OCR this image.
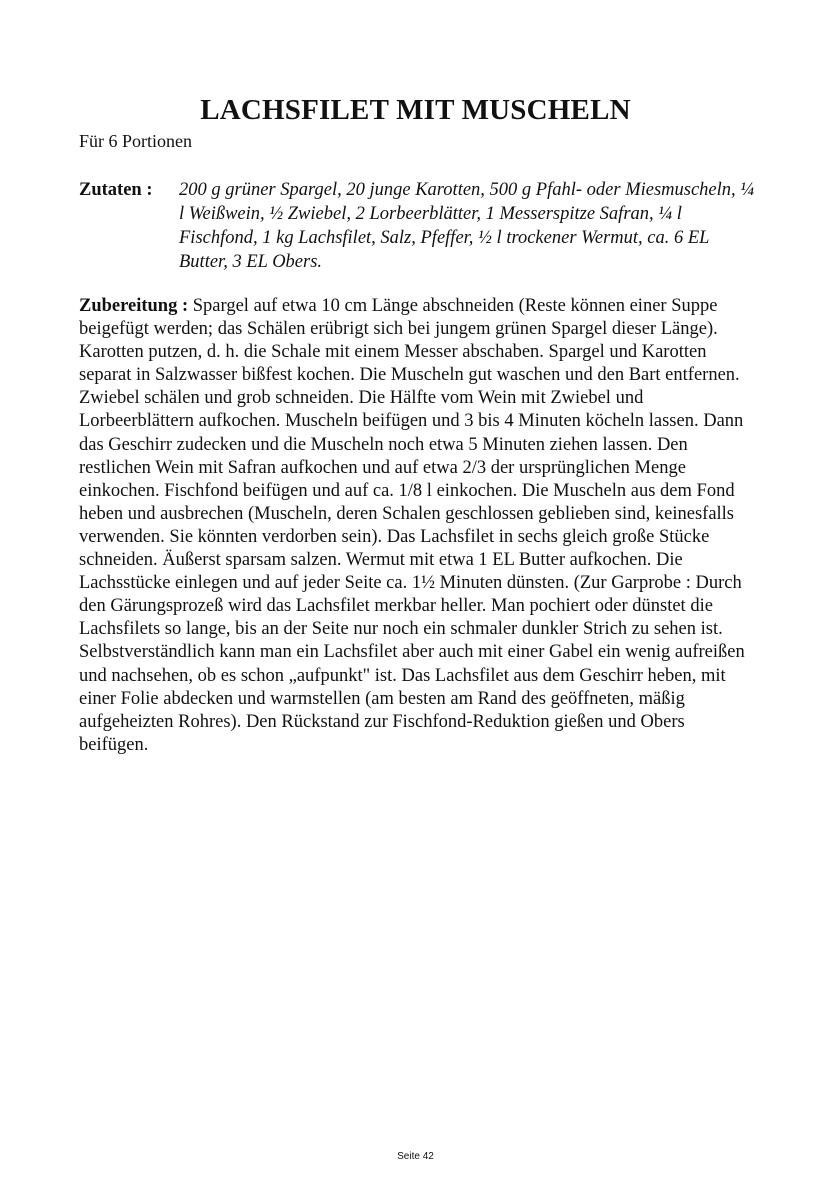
LACHSFILET MIT MUSCHELN

Für 6 Portionen

Zutaten : 200 g grüner Spargel, 20 junge Karotten, 500 g Pfahl- oder Miesmuscheln, ¼ l Weißwein, ½ Zwiebel, 2 Lorbeerblätter, 1 Messerspitze Safran, ¼ l Fischfond, 1 kg Lachsfilet, Salz, Pfeffer, ½ l trockener Wermut, ca. 6 EL Butter, 3 EL Obers.

Zubereitung : Spargel auf etwa 10 cm Länge abschneiden (Reste können einer Suppe beigefügt werden; das Schälen erübrigt sich bei jungem grünen Spargel dieser Länge). Karotten putzen, d. h. die Schale mit einem Messer abschaben. Spargel und Karotten separat in Salzwasser bißfest kochen. Die Muscheln gut waschen und den Bart entfernen. Zwiebel schälen und grob schneiden. Die Hälfte vom Wein mit Zwiebel und Lorbeerblättern aufkochen. Muscheln beifügen und 3 bis 4 Minuten köcheln lassen. Dann das Geschirr zudecken und die Muscheln noch etwa 5 Minuten ziehen lassen. Den restlichen Wein mit Safran aufkochen und auf etwa 2/3 der ursprünglichen Menge einkochen. Fischfond beifügen und auf ca. 1/8 l einkochen. Die Muscheln aus dem Fond heben und ausbrechen (Muscheln, deren Schalen geschlossen geblieben sind, keinesfalls verwenden. Sie könnten verdorben sein). Das Lachsfilet in sechs gleich große Stücke schneiden. Äußerst sparsam salzen. Wermut mit etwa 1 EL Butter aufkochen. Die Lachsstücke einlegen und auf jeder Seite ca. 1½ Minuten dünsten. (Zur Garprobe : Durch den Gärungsprozeß wird das Lachsfilet merkbar heller. Man pochiert oder dünstet die Lachsfilets so lange, bis an der Seite nur noch ein schmaler dunkler Strich zu sehen ist. Selbstverständlich kann man ein Lachsfilet aber auch mit einer Gabel ein wenig aufreißen und nachsehen, ob es schon „aufpunkt" ist. Das Lachsfilet aus dem Geschirr heben, mit einer Folie abdecken und warmstellen (am besten am Rand des geöffneten, mäßig aufgeheizten Rohres). Den Rückstand zur Fischfond-Reduktion gießen und Obers beifügen.

Seite 42
